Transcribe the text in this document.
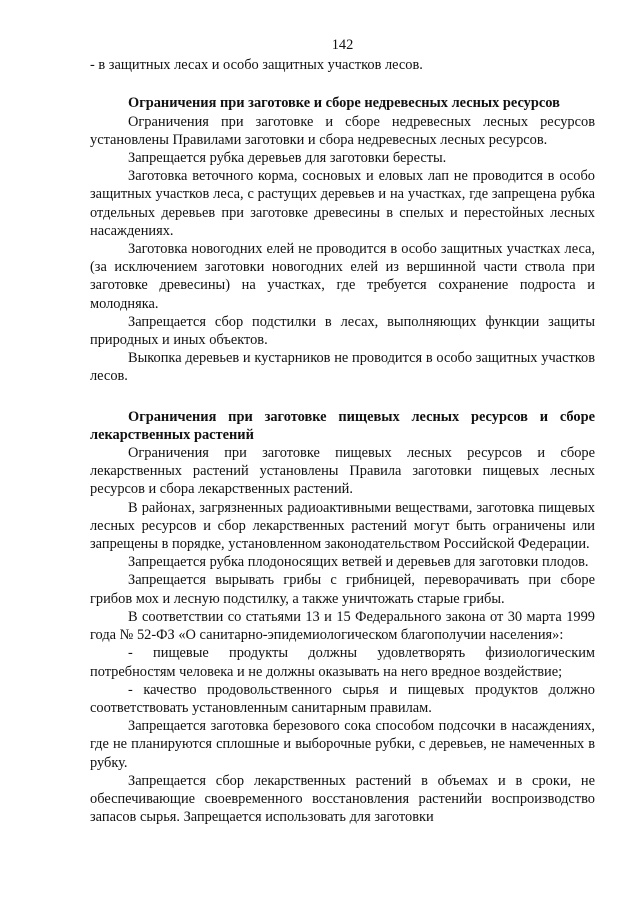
142

- в защитных лесах и особо защитных участков лесов.

Ограничения при заготовке и сборе недревесных лесных ресурсов

Ограничения при заготовке и сборе недревесных лесных ресурсов установлены Правилами заготовки и сбора недревесных лесных ресурсов.

Запрещается рубка деревьев для заготовки бересты.

Заготовка веточного корма, сосновых и еловых лап не проводится в особо защитных участков леса, с растущих деревьев и на участках, где запрещена рубка отдельных деревьев при заготовке древесины в спелых и перестойных лесных насаждениях.

Заготовка новогодних елей не проводится в особо защитных участках леса, (за исключением заготовки новогодних елей из вершинной части ствола при заготовке древесины) на участках, где требуется сохранение подроста и молодняка.

Запрещается сбор подстилки в лесах, выполняющих функции защиты природных и иных объектов.

Выкопка деревьев и кустарников не проводится в особо защитных участков лесов.

Ограничения при заготовке пищевых лесных ресурсов и сборе лекарственных растений

Ограничения при заготовке пищевых лесных ресурсов и сборе лекарственных растений установлены Правила заготовки пищевых лесных ресурсов и сбора лекарственных растений.

В районах, загрязненных радиоактивными веществами, заготовка пищевых лесных ресурсов и сбор лекарственных растений могут быть ограничены или запрещены в порядке, установленном законодательством Российской Федерации.

Запрещается рубка плодоносящих ветвей и деревьев для заготовки плодов.

Запрещается вырывать грибы с грибницей, переворачивать при сборе грибов мох и лесную подстилку, а также уничтожать старые грибы.

В соответствии со статьями 13 и 15 Федерального закона от 30 марта 1999 года № 52-ФЗ «О санитарно-эпидемиологическом благополучии населения»:

- пищевые продукты должны удовлетворять физиологическим потребностям человека и не должны оказывать на него вредное воздействие;

- качество продовольственного сырья и пищевых продуктов должно соответствовать установленным санитарным правилам.

Запрещается заготовка березового сока способом подсочки в насаждениях, где не планируются сплошные и выборочные рубки, с деревьев, не намеченных в рубку.

Запрещается сбор лекарственных растений в объемах и в сроки, не обеспечивающие своевременного восстановления растенийи воспроизводство запасов сырья. Запрещается использовать для заготовки
